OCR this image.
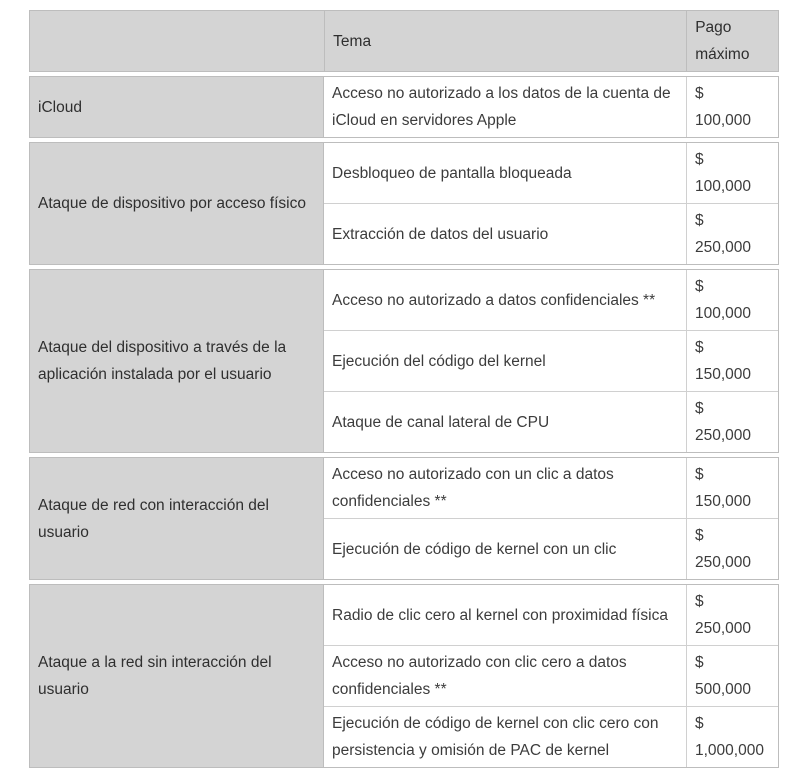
Tema
Pago
máximo
iCloud
Acceso no autorizado a los datos de la cuenta de iCloud en servidores Apple
$
100,000
Ataque de dispositivo por acceso físico
Desbloqueo de pantalla bloqueada
$
100,000
Extracción de datos del usuario
$
250,000
Ataque del dispositivo a través de la aplicación instalada por el usuario
Acceso no autorizado a datos confidenciales **
$
100,000
Ejecución del código del kernel
$
150,000
Ataque de canal lateral de CPU
$
250,000
Ataque de red con interacción del usuario
Acceso no autorizado con un clic a datos confidenciales **
$
150,000
Ejecución de código de kernel con un clic
$
250,000
Ataque a la red sin interacción del usuario
Radio de clic cero al kernel con proximidad física
$
250,000
Acceso no autorizado con clic cero a datos confidenciales **
$
500,000
Ejecución de código de kernel con clic cero con persistencia y omisión de PAC de kernel
$
1,000,000
